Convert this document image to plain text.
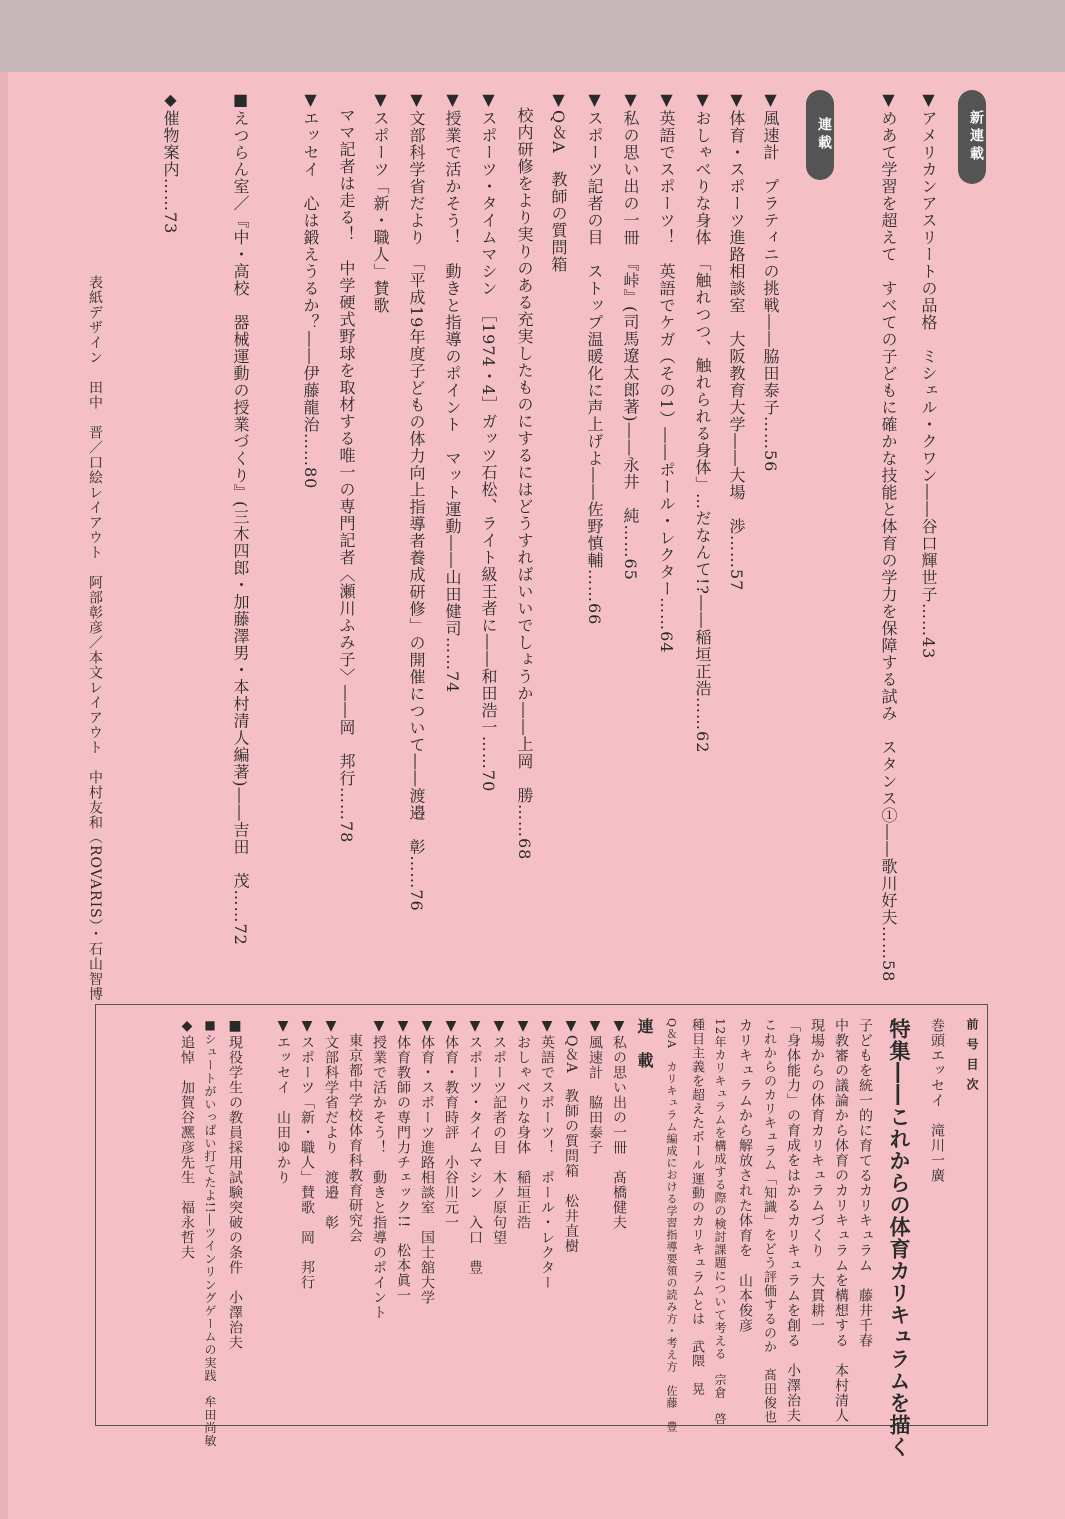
新連載
▼アメリカンアスリートの品格　ミシェル・クワン――谷口輝世子……43
▼めあて学習を超えて　すべての子どもに確かな技能と体育の学力を保障する試み　スタンス①――歌川好夫……58
連載
▼風速計　プラティニの挑戦――脇田泰子……56
▼体育・スポーツ進路相談室　大阪教育大学――大場　渉……57
▼おしゃべりな身体　「触れつつ、触れられる身体」…だなんて!?――稲垣正浩……62
▼英語でスポーツ！　英語でケガ（その1）――ポール・レクター……64
▼私の思い出の一冊　『峠』(司馬遼太郎著)――永井　純……65
▼スポーツ記者の目　ストップ温暖化に声上げよ――佐野慎輔……66
▼Q＆A　教師の質問箱
　校内研修をより実りのある充実したものにするにはどうすればいいでしょうか――上岡　勝……68
▼スポーツ・タイムマシン　［1974・4］ガッツ石松、ライト級王者に――和田浩一……70
▼授業で活かそう！　動きと指導のポイント　マット運動――山田健司……74
▼文部科学省だより　「平成19年度子どもの体力向上指導者養成研修」の開催について――渡邉　彰……76
▼スポーツ「新・職人」賛歌
　ママ記者は走る！　中学硬式野球を取材する唯一の専門記者〈瀬川ふみ子〉――岡　邦行……78
▼エッセイ　心は鍛えうるか？――伊藤龍治……80
■えつらん室／『中・高校　器械運動の授業づくり』(三木四郎・加藤澤男・本村清人編著)――吉田　茂……72
◆催物案内……73
表紙デザイン　田中　晋／口絵レイアウト　阿部彰彦／本文レイアウト　中村友和（ROVARIS）・石山智博
前号目次
巻頭エッセイ　滝川一廣
特集――これからの体育カリキュラムを描く
子どもを統一的に育てるカリキュラム　藤井千春
中教審の議論から体育のカリキュラムを構想する　本村清人
現場からの体育カリキュラムづくり　大貫耕一
「身体能力」の育成をはかるカリキュラムを創る　小澤治夫
これからのカリキュラム「知識」をどう評価するのか　髙田俊也
カリキュラムから解放された体育を　山本俊彦
12年カリキュラムを構成する際の検討課題について考える　宗倉　啓
種目主義を超えたボール運動のカリキュラムとは　武隈　晃
Q＆A　カリキュラム編成における学習指導要領の読み方・考え方　佐藤　豊
連　載
▼私の思い出の一冊　髙橋健夫
▼風速計　脇田泰子
▼Q＆A　教師の質問箱　松井直樹
▼英語でスポーツ！　ポール・レクター
▼おしゃべりな身体　稲垣正浩
▼スポーツ記者の目　木ノ原句望
▼スポーツ・タイムマシン　入口　豊
▼体育・教育時評　小谷川元一
▼体育・スポーツ進路相談室　国士舘大学
▼体育教師の専門力チェック!!　松本眞一
▼授業で活かそう！　動きと指導のポイント
　東京都中学校体育科教育研究会
▼文部科学省だより　渡邉　彰
▼スポーツ「新・職人」賛歌　岡　邦行
▼エッセイ　山田ゆかり
■現役学生の教員採用試験突破の条件　小澤治夫
■シュートがいっぱい打てたよ!!―ツインリングゲームの実践　牟田尚敏
◆追悼　加賀谷凞彦先生　福永哲夫
